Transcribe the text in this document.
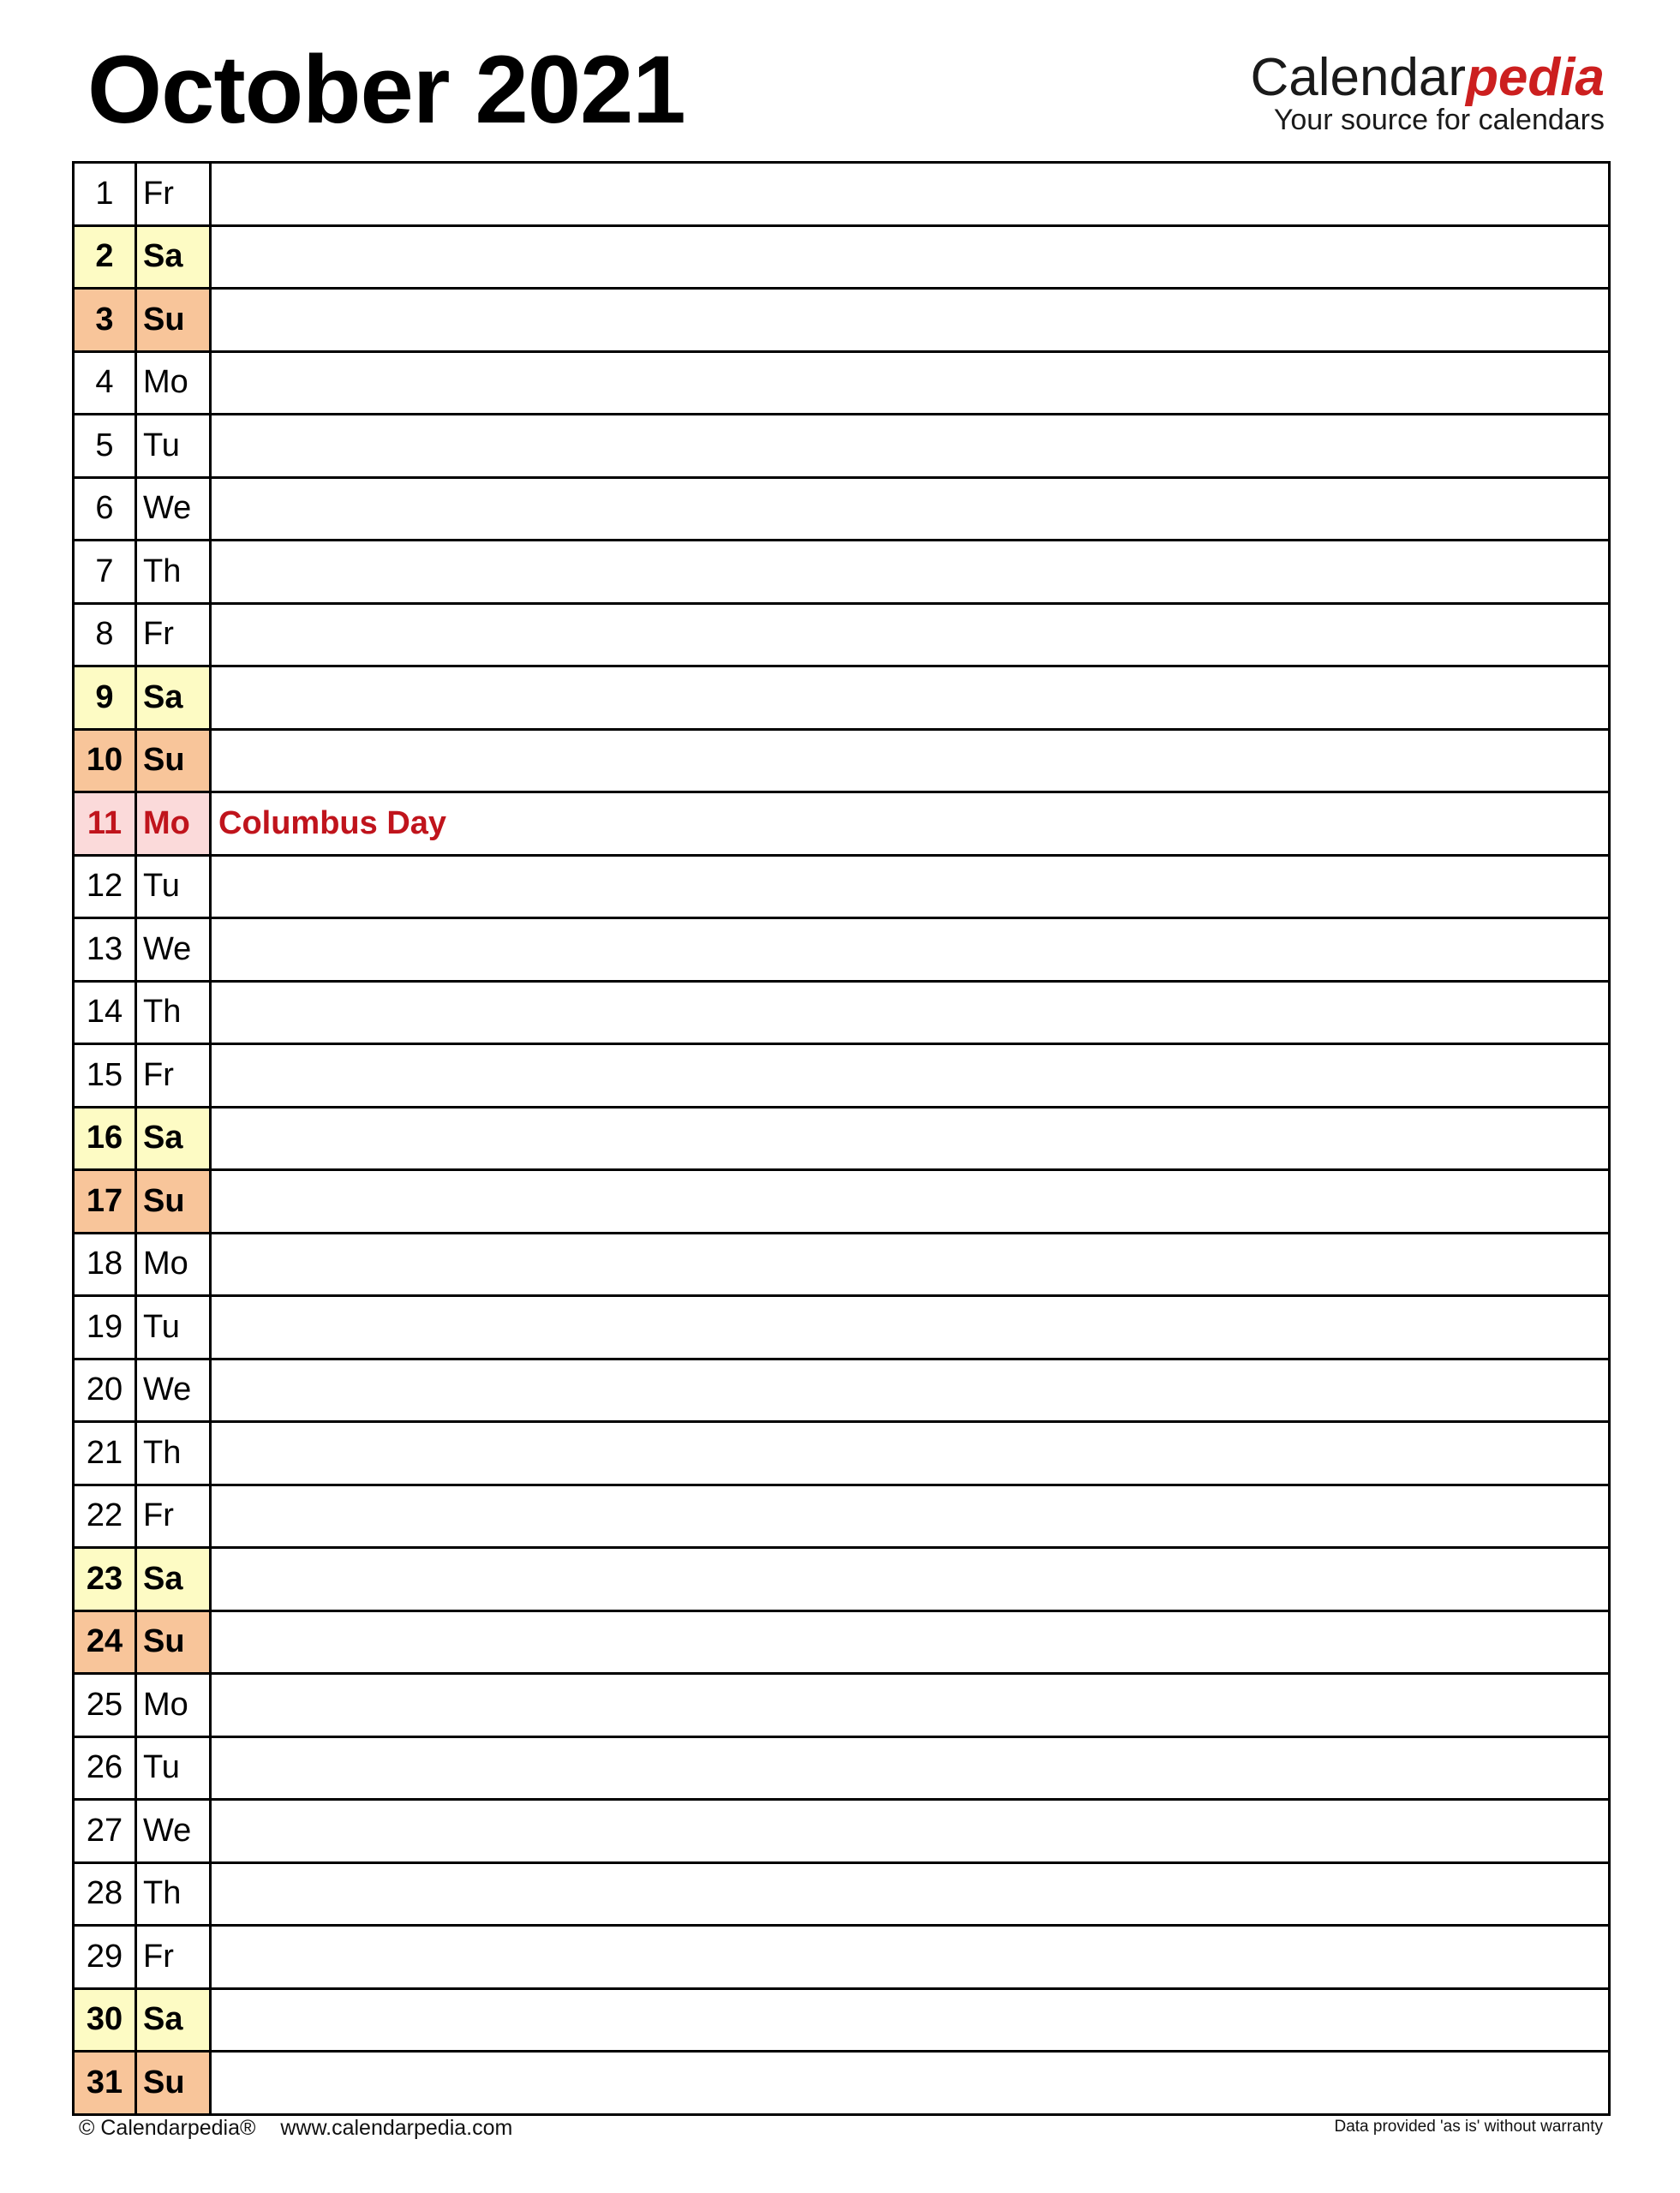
October 2021	Calendarpedia
Your source for calendars
1 Fr
2 Sa
3 Su
4 Mo
5 Tu
6 We
7 Th
8 Fr
9 Sa
10 Su
11 Mo Columbus Day
12 Tu
13 We
14 Th
15 Fr
16 Sa
17 Su
18 Mo
19 Tu
20 We
21 Th
22 Fr
23 Sa
24 Su
25 Mo
26 Tu
27 We
28 Th
29 Fr
30 Sa
31 Su
© Calendarpedia® www.calendarpedia.com	Data provided 'as is' without warranty
